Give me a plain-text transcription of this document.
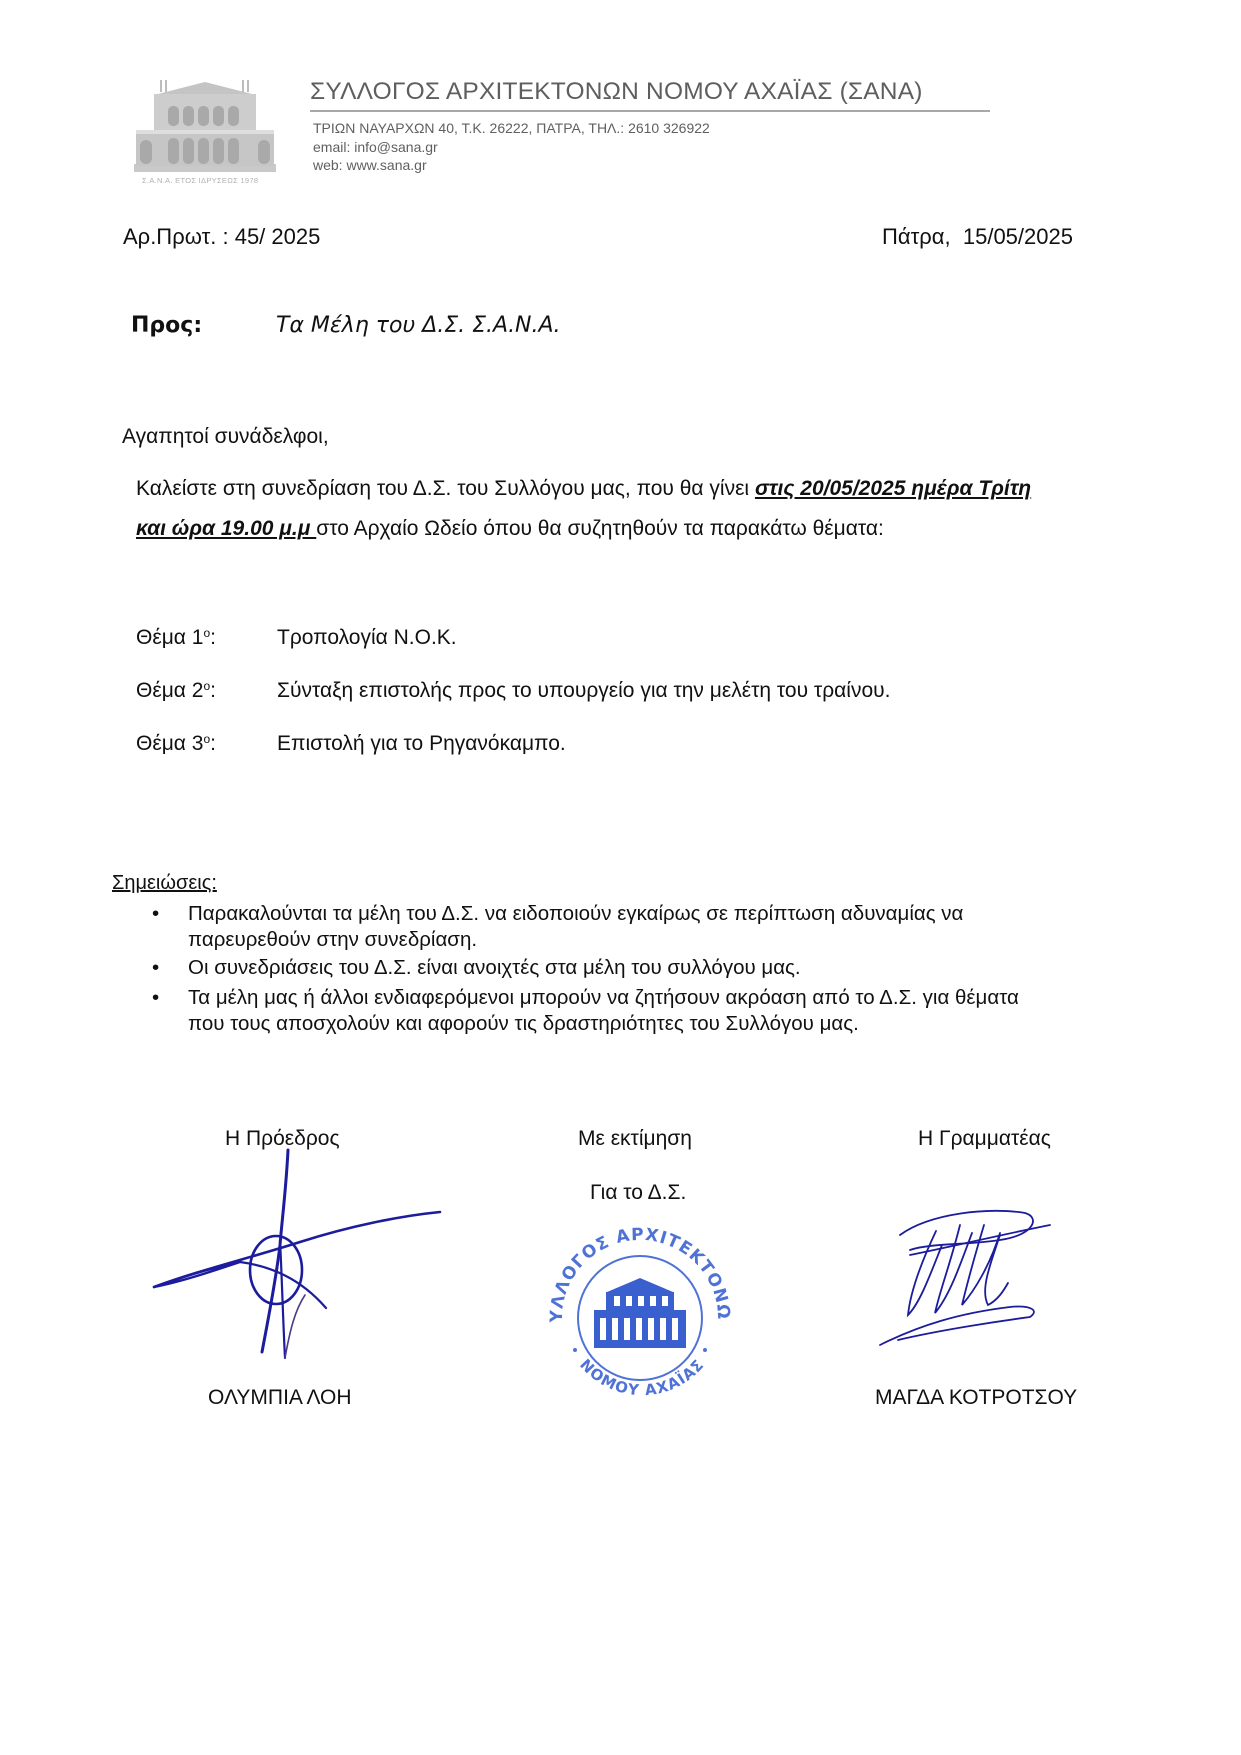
Σ.Α.Ν.Α. ΕΤΟΣ ΙΔΡΥΣΕΩΣ 1978
ΣΥΛΛΟΓΟΣ ΑΡΧΙΤΕΚΤΟΝΩΝ ΝΟΜΟΥ ΑΧΑΪΑΣ (ΣΑΝΑ)
ΤΡΙΩΝ ΝΑΥΑΡΧΩΝ 40, Τ.Κ. 26222, ΠΑΤΡΑ, ΤΗΛ.: 2610 326922
email: info@sana.gr
web: www.sana.gr
Αρ.Πρωτ. : 45/ 2025	Πάτρα,  15/05/2025
Προς:	Τα Μέλη του Δ.Σ. Σ.Α.Ν.Α.
Αγαπητοί συνάδελφοι,
Καλείστε στη συνεδρίαση του Δ.Σ. του Συλλόγου μας, που θα γίνει στις 20/05/2025 ημέρα Τρίτη
και ώρα 19.00 μ.μ στο Αρχαίο Ωδείο όπου θα συζητηθούν τα παρακάτω θέματα:
Θέμα $1^o$:	Τροπολογία Ν.Ο.Κ.
Θέμα $2^o$:	Σύνταξη επιστολής προς το υπουργείο για την μελέτη του τραίνου.
Θέμα $3^o$:	Επιστολή για το Ρηγανόκαμπο.
Σημειώσεις:
• Παρακαλούνται τα μέλη του Δ.Σ. να ειδοποιούν εγκαίρως σε περίπτωση αδυναμίας να
παρευρεθούν στην συνεδρίαση.
• Οι συνεδριάσεις του Δ.Σ. είναι ανοιχτές στα μέλη του συλλόγου μας.
• Τα μέλη μας ή άλλοι ενδιαφερόμενοι μπορούν να ζητήσουν ακρόαση από το Δ.Σ. για θέματα
που τους αποσχολούν και αφορούν τις δραστηριότητες του Συλλόγου μας.
Η Πρόεδρος	Με εκτίμηση	Η Γραμματέας
Για το Δ.Σ.
ΣΥΛΛΟΓΟΣ ΑΡΧΙΤΕΚΤΟΝΩΝ
ΝΟΜΟΥ ΑΧΑΪΑΣ
ΟΛΥΜΠΙΑ ΛΟΗ	ΜΑΓΔΑ ΚΟΤΡΟΤΣΟΥ
